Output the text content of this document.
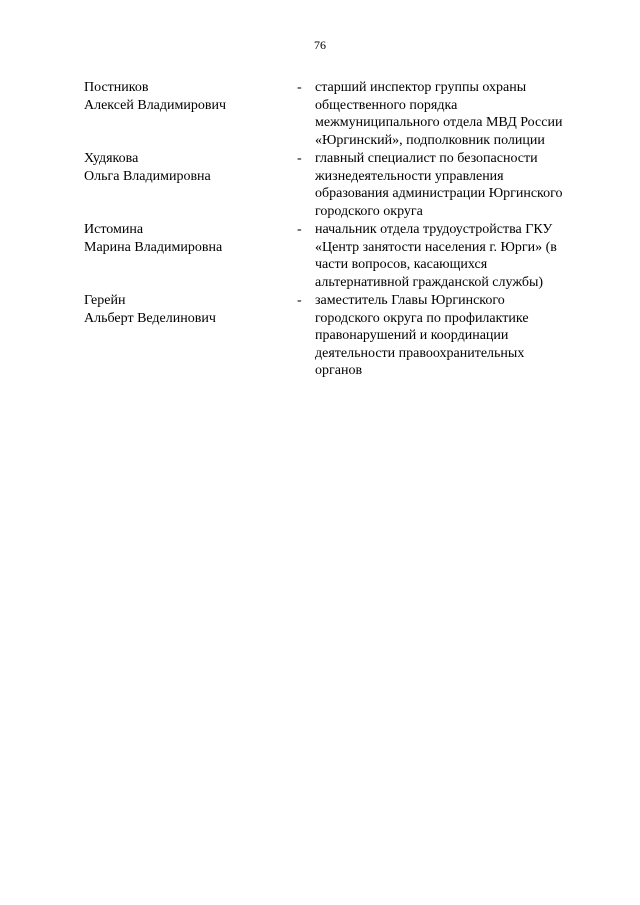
76
Постников
Алексей Владимирович
- старший инспектор группы охраны
общественного порядка
межмуниципального отдела МВД России
«Юргинский», подполковник полиции
Худякова
Ольга Владимировна
- главный специалист по безопасности
жизнедеятельности управления
образования администрации Юргинского
городского округа
Истомина
Марина Владимировна
- начальник отдела трудоустройства ГКУ
«Центр занятости населения г. Юрги» (в
части вопросов, касающихся
альтернативной гражданской службы)
Герейн
Альберт Веделинович
- заместитель Главы Юргинского
городского округа по профилактике
правонарушений и координации
деятельности правоохранительных
органов
